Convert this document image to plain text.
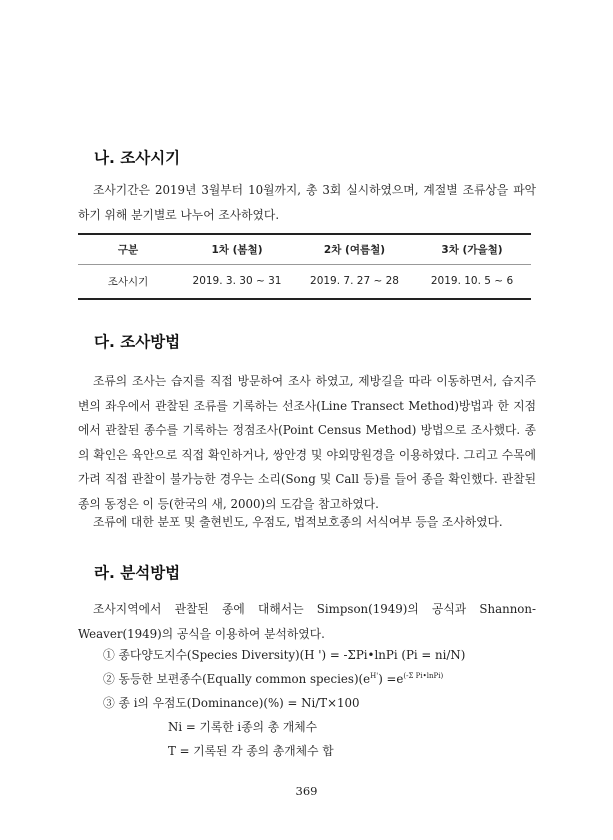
나. 조사시기

조사기간은 2019년 3월부터 10월까지, 총 3회 실시하였으며, 계절별 조류상을 파악하기 위해 분기별로 나누어 조사하였다.

구분	1차 (봄철)	2차 (여름철)	3차 (가을철)
조사시기	2019. 3. 30 ~ 31	2019. 7. 27 ~ 28	2019. 10. 5 ~ 6
다. 조사방법

조류의 조사는 습지를 직접 방문하여 조사 하였고, 제방길을 따라 이동하면서, 습지주변의 좌우에서 관찰된 조류를 기록하는 선조사(Line Transect Method)방법과 한 지점에서 관찰된 종수를 기록하는 정점조사(Point Census Method) 방법으로 조사했다. 종의 확인은 육안으로 직접 확인하거나, 쌍안경 및 야외망원경을 이용하였다. 그리고 수목에 가려 직접 관찰이 불가능한 경우는 소리(Song 및 Call 등)를 들어 종을 확인했다. 관찰된 종의 동정은 이 등(한국의 새, 2000)의 도감을 참고하였다.

조류에 대한 분포 및 출현빈도, 우점도, 법적보호종의 서식여부 등을 조사하였다.

라. 분석방법

조사지역에서 관찰된 종에 대해서는 Simpson(1949)의 공식과 Shannon-Weaver(1949)의 공식을 이용하여 분석하였다.

① 종다양도지수(Species Diversity)(H ') = -ΣPi•lnPi (Pi = ni/N)
② 동등한 보편종수(Equally common $species)(e^{H'}) =e^{(-\Sigma Pi•lnPi)}$
③ 종 i의 우점도(Dominance)(%) = Ni/T×100
Ni = 기록한 i종의 총 개체수
T = 기록된 각 종의 총개체수 합
369
